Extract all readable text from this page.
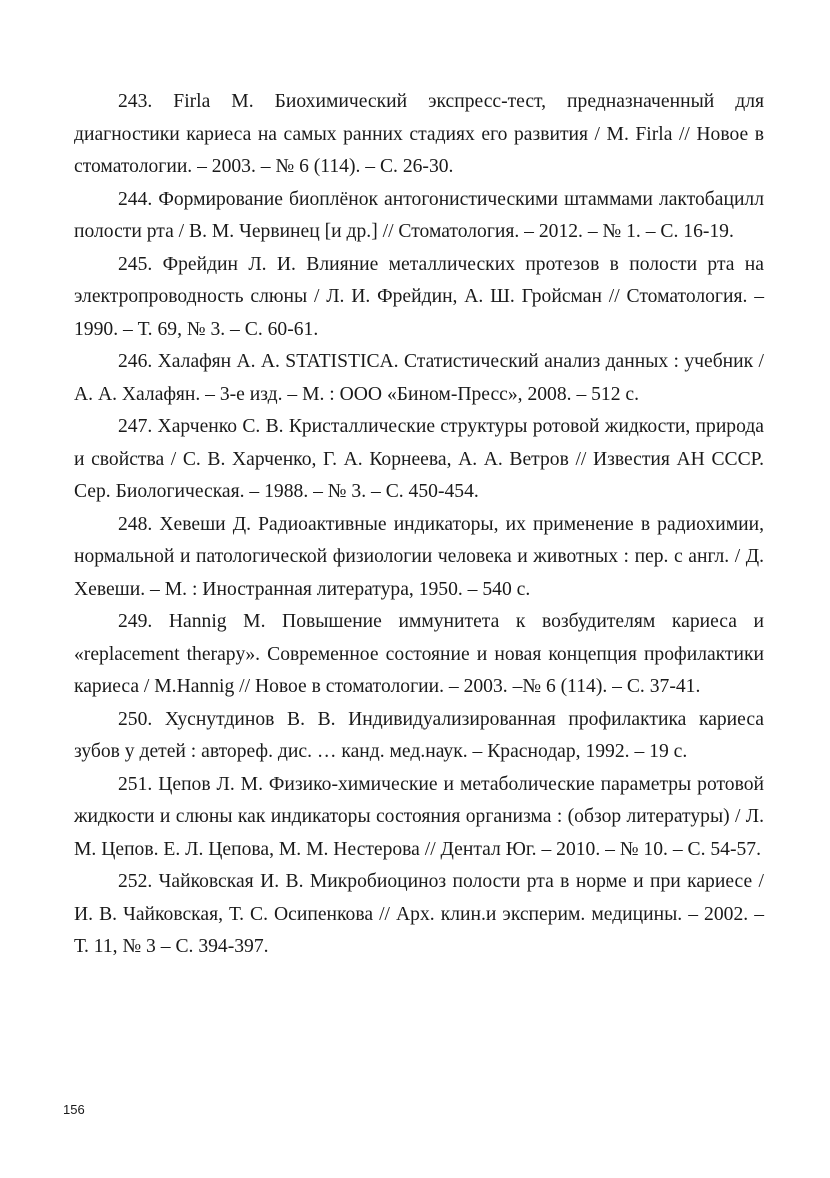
243. Firla M. Биохимический экспресс-тест, предназначенный для диагностики кариеса на самых ранних стадиях его развития / M. Firla // Новое в стоматологии. – 2003. – № 6 (114). – С. 26-30.

244. Формирование биоплёнок антогонистическими штаммами лактобацилл полости рта / В. М. Червинец [и др.] // Стоматология. – 2012. – № 1. – С. 16-19.

245. Фрейдин Л. И. Влияние металлических протезов в полости рта на электропроводность слюны / Л. И. Фрейдин, А. Ш. Гройсман // Стоматология. – 1990. – Т. 69, № 3. – С. 60-61.

246. Халафян А. А. STATISTICA. Статистический анализ данных : учебник / А. А. Халафян. – 3-е изд. – М. : ООО «Бином-Пресс», 2008. – 512 с.

247. Харченко С. В. Кристаллические структуры ротовой жидкости, природа и свойства / С. В. Харченко, Г. А. Корнеева, А. А. Ветров // Известия АН СССР. Сер. Биологическая. – 1988. – № 3. – С. 450-454.

248. Хевеши Д. Радиоактивные индикаторы, их применение в радиохимии, нормальной и патологической физиологии человека и животных : пер. с англ. / Д. Хевеши. – М. : Иностранная литература, 1950. – 540 с.

249. Hannig M. Повышение иммунитета к возбудителям кариеса и «replacement therapy». Современное состояние и новая концепция профилактики кариеса / M.Hannig // Новое в стоматологии. – 2003. –№ 6 (114). – С. 37-41.

250. Хуснутдинов В. В. Индивидуализированная профилактика кариеса зубов у детей : автореф. дис. … канд. мед.наук. – Краснодар, 1992. – 19 с.

251. Цепов Л. М. Физико-химические и метаболические параметры ротовой жидкости и слюны как индикаторы состояния организма : (обзор литературы) / Л. М. Цепов. Е. Л. Цепова, М. М. Нестерова // Дентал Юг. – 2010. – № 10. – С. 54-57.

252. Чайковская И. В. Микробиоциноз полости рта в норме и при кариесе / И. В. Чайковская, Т. С. Осипенкова // Арх. клин.и эксперим. медицины. – 2002. – Т. 11, № 3 – С. 394-397.

156
